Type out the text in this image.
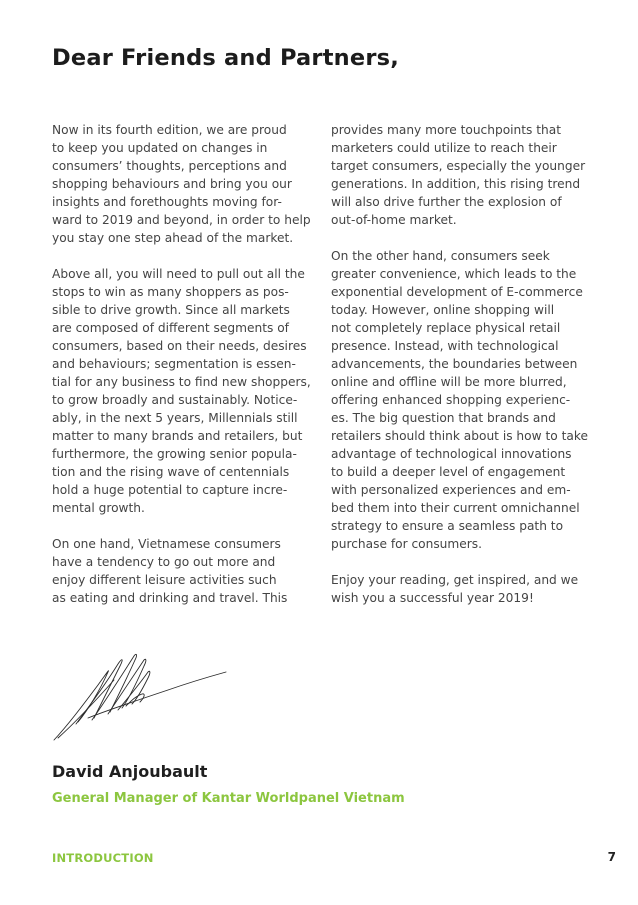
Dear Friends and Partners,

Now in its fourth edition, we are proud
to keep you updated on changes in
consumers’ thoughts, perceptions and
shopping behaviours and bring you our
insights and forethoughts moving for-
ward to 2019 and beyond, in order to help
you stay one step ahead of the market.

Above all, you will need to pull out all the
stops to win as many shoppers as pos-
sible to drive growth. Since all markets
are composed of different segments of
consumers, based on their needs, desires
and behaviours; segmentation is essen-
tial for any business to find new shoppers,
to grow broadly and sustainably. Notice-
ably, in the next 5 years, Millennials still
matter to many brands and retailers, but
furthermore, the growing senior popula-
tion and the rising wave of centennials
hold a huge potential to capture incre-
mental growth.

On one hand, Vietnamese consumers
have a tendency to go out more and
enjoy different leisure activities such
as eating and drinking and travel. This

provides many more touchpoints that
marketers could utilize to reach their
target consumers, especially the younger
generations. In addition, this rising trend
will also drive further the explosion of
out-of-home market.

On the other hand, consumers seek
greater convenience, which leads to the
exponential development of E-commerce
today. However, online shopping will
not completely replace physical retail
presence. Instead, with technological
advancements, the boundaries between
online and offline will be more blurred,
offering enhanced shopping experienc-
es. The big question that brands and
retailers should think about is how to take
advantage of technological innovations
to build a deeper level of engagement
with personalized experiences and em-
bed them into their current omnichannel
strategy to ensure a seamless path to
purchase for consumers.

Enjoy your reading, get inspired, and we
wish you a successful year 2019!

David Anjoubault

General Manager of Kantar Worldpanel Vietnam

INTRODUCTION	7
